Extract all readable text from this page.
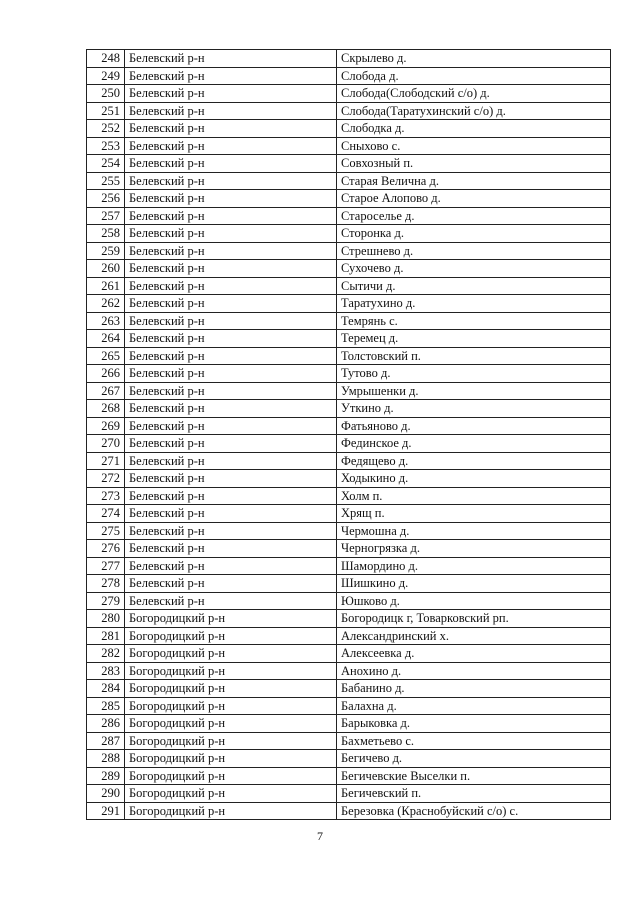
248	Белевский р-н	Скрылево д.
249	Белевский р-н	Слобода д.
250	Белевский р-н	Слобода(Слободский с/о) д.
251	Белевский р-н	Слобода(Таратухинский с/о) д.
252	Белевский р-н	Слободка д.
253	Белевский р-н	Сныхово с.
254	Белевский р-н	Совхозный п.
255	Белевский р-н	Старая Велична д.
256	Белевский р-н	Старое Алопово д.
257	Белевский р-н	Староселье д.
258	Белевский р-н	Сторонка д.
259	Белевский р-н	Стрешнево д.
260	Белевский р-н	Сухочево д.
261	Белевский р-н	Сытичи д.
262	Белевский р-н	Таратухино д.
263	Белевский р-н	Темрянь с.
264	Белевский р-н	Теремец д.
265	Белевский р-н	Толстовский п.
266	Белевский р-н	Тутово д.
267	Белевский р-н	Умрышенки д.
268	Белевский р-н	Уткино д.
269	Белевский р-н	Фатьяново д.
270	Белевский р-н	Фединское д.
271	Белевский р-н	Федящево д.
272	Белевский р-н	Ходыкино д.
273	Белевский р-н	Холм п.
274	Белевский р-н	Хрящ п.
275	Белевский р-н	Чермошна д.
276	Белевский р-н	Черногрязка д.
277	Белевский р-н	Шамордино д.
278	Белевский р-н	Шишкино д.
279	Белевский р-н	Юшково д.
280	Богородицкий р-н	Богородицк г, Товарковский рп.
281	Богородицкий р-н	Александринский х.
282	Богородицкий р-н	Алексеевка д.
283	Богородицкий р-н	Анохино д.
284	Богородицкий р-н	Бабанино д.
285	Богородицкий р-н	Балахна д.
286	Богородицкий р-н	Барыковка д.
287	Богородицкий р-н	Бахметьево с.
288	Богородицкий р-н	Бегичево д.
289	Богородицкий р-н	Бегичевские Выселки п.
290	Богородицкий р-н	Бегичевский п.
291	Богородицкий р-н	Березовка (Краснобуйский с/о) с.
7
